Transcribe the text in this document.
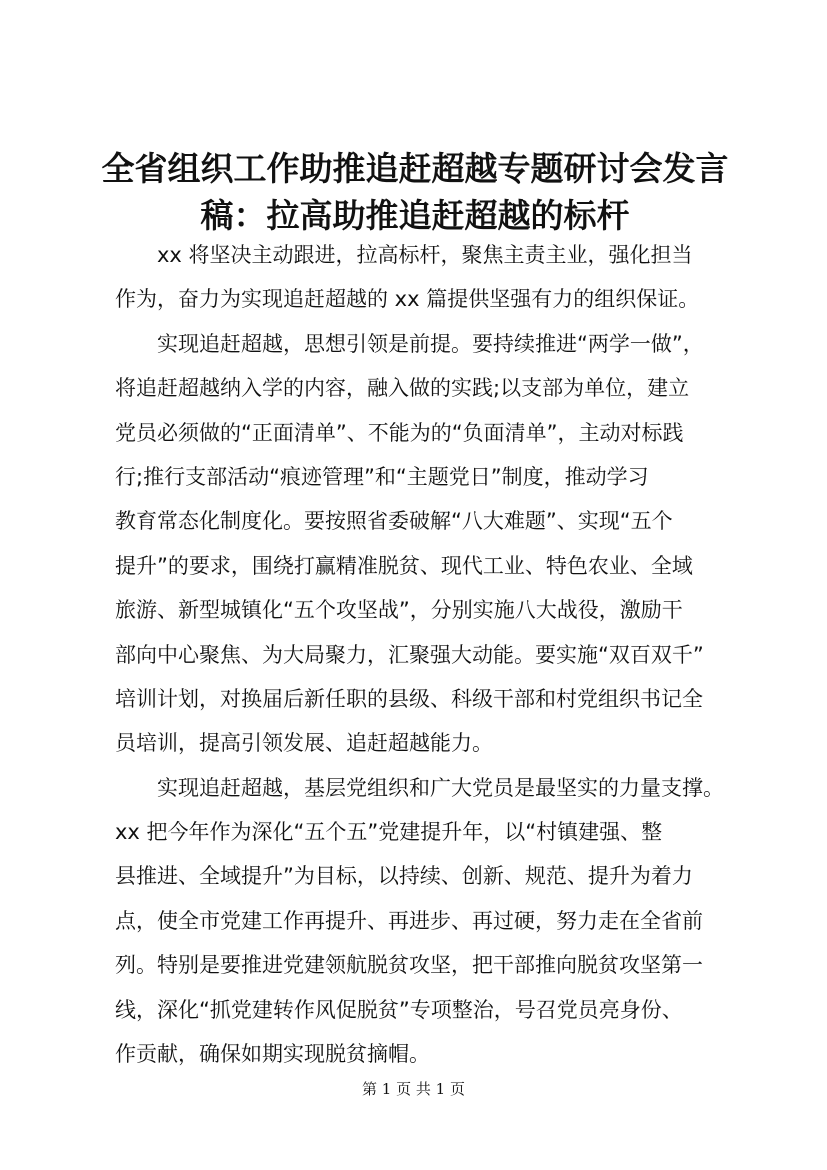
全省组织工作助推追赶超越专题研讨会发言
稿：拉高助推追赶超越的标杆
xx 将坚决主动跟进，拉高标杆，聚焦主责主业，强化担当
作为，奋力为实现追赶超越的 xx 篇提供坚强有力的组织保证。
实现追赶超越，思想引领是前提。要持续推进“两学一做”，
将追赶超越纳入学的内容，融入做的实践;以支部为单位，建立
党员必须做的“正面清单”、不能为的“负面清单”，主动对标践
行;推行支部活动“痕迹管理”和“主题党日”制度，推动学习
教育常态化制度化。要按照省委破解“八大难题”、实现“五个
提升”的要求，围绕打赢精准脱贫、现代工业、特色农业、全域
旅游、新型城镇化“五个攻坚战”，分别实施八大战役，激励干
部向中心聚焦、为大局聚力，汇聚强大动能。要实施“双百双千”
培训计划，对换届后新任职的县级、科级干部和村党组织书记全
员培训，提高引领发展、追赶超越能力。
实现追赶超越，基层党组织和广大党员是最坚实的力量支撑。
xx 把今年作为深化“五个五”党建提升年，以“村镇建强、整
县推进、全域提升”为目标，以持续、创新、规范、提升为着力
点，使全市党建工作再提升、再进步、再过硬，努力走在全省前
列。特别是要推进党建领航脱贫攻坚，把干部推向脱贫攻坚第一
线，深化“抓党建转作风促脱贫”专项整治，号召党员亮身份、
作贡献，确保如期实现脱贫摘帽。
第 1 页 共 1 页
